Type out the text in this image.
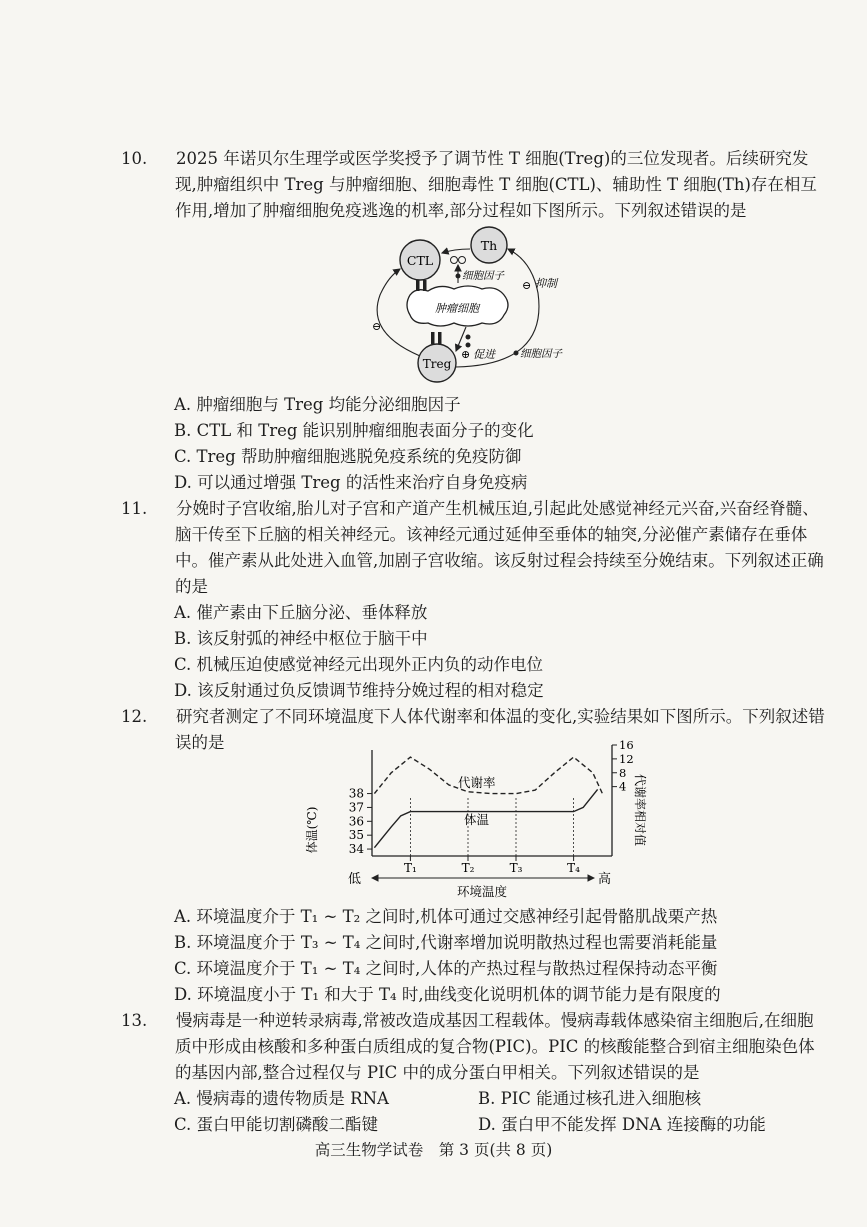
10. 2025 年诺贝尔生理学或医学奖授予了调节性 T 细胞(Treg)的三位发现者。后续研究发现,肿瘤组织中 Treg 与肿瘤细胞、细胞毒性 T 细胞(CTL)、辅助性 T 细胞(Th)存在相互作用,增加了肿瘤细胞免疫逃逸的机率,部分过程如下图所示。下列叙述错误的是

肿瘤细胞
CTL
Th
Treg
细胞因子
⊖
⊖ 抑制
⊕ 促进 细胞因子

A. 肿瘤细胞与 Treg 均能分泌细胞因子

B. CTL 和 Treg 能识别肿瘤细胞表面分子的变化

C. Treg 帮助肿瘤细胞逃脱免疫系统的免疫防御

D. 可以通过增强 Treg 的活性来治疗自身免疫病

11. 分娩时子宫收缩,胎儿对子宫和产道产生机械压迫,引起此处感觉神经元兴奋,兴奋经脊髓、脑干传至下丘脑的相关神经元。该神经元通过延伸至垂体的轴突,分泌催产素储存在垂体中。催产素从此处进入血管,加剧子宫收缩。该反射过程会持续至分娩结束。下列叙述正确的是

A. 催产素由下丘脑分泌、垂体释放

B. 该反射弧的神经中枢位于脑干中

C. 机械压迫使感觉神经元出现外正内负的动作电位

D. 该反射通过负反馈调节维持分娩过程的相对稳定

12. 研究者测定了不同环境温度下人体代谢率和体温的变化,实验结果如下图所示。下列叙述错误的是

34
35
36
37
38	4
8
12
16
T₁	T₂	T₃	T₄
体温(℃)	代谢率相对值
代谢率
体温
低	高
环境温度

A. 环境温度介于 T₁ ~ T₂ 之间时,机体可通过交感神经引起骨骼肌战栗产热

B. 环境温度介于 T₃ ~ T₄ 之间时,代谢率增加说明散热过程也需要消耗能量

C. 环境温度介于 T₁ ~ T₄ 之间时,人体的产热过程与散热过程保持动态平衡

D. 环境温度小于 T₁ 和大于 T₄ 时,曲线变化说明机体的调节能力是有限度的

13. 慢病毒是一种逆转录病毒,常被改造成基因工程载体。慢病毒载体感染宿主细胞后,在细胞质中形成由核酸和多种蛋白质组成的复合物(PIC)。PIC 的核酸能整合到宿主细胞染色体的基因内部,整合过程仅与 PIC 中的成分蛋白甲相关。下列叙述错误的是

A. 慢病毒的遗传物质是 RNA	B. PIC 能通过核孔进入细胞核
C. 蛋白甲能切割磷酸二酯键	D. 蛋白甲不能发挥 DNA 连接酶的功能
高三生物学试卷　第 3 页(共 8 页)
